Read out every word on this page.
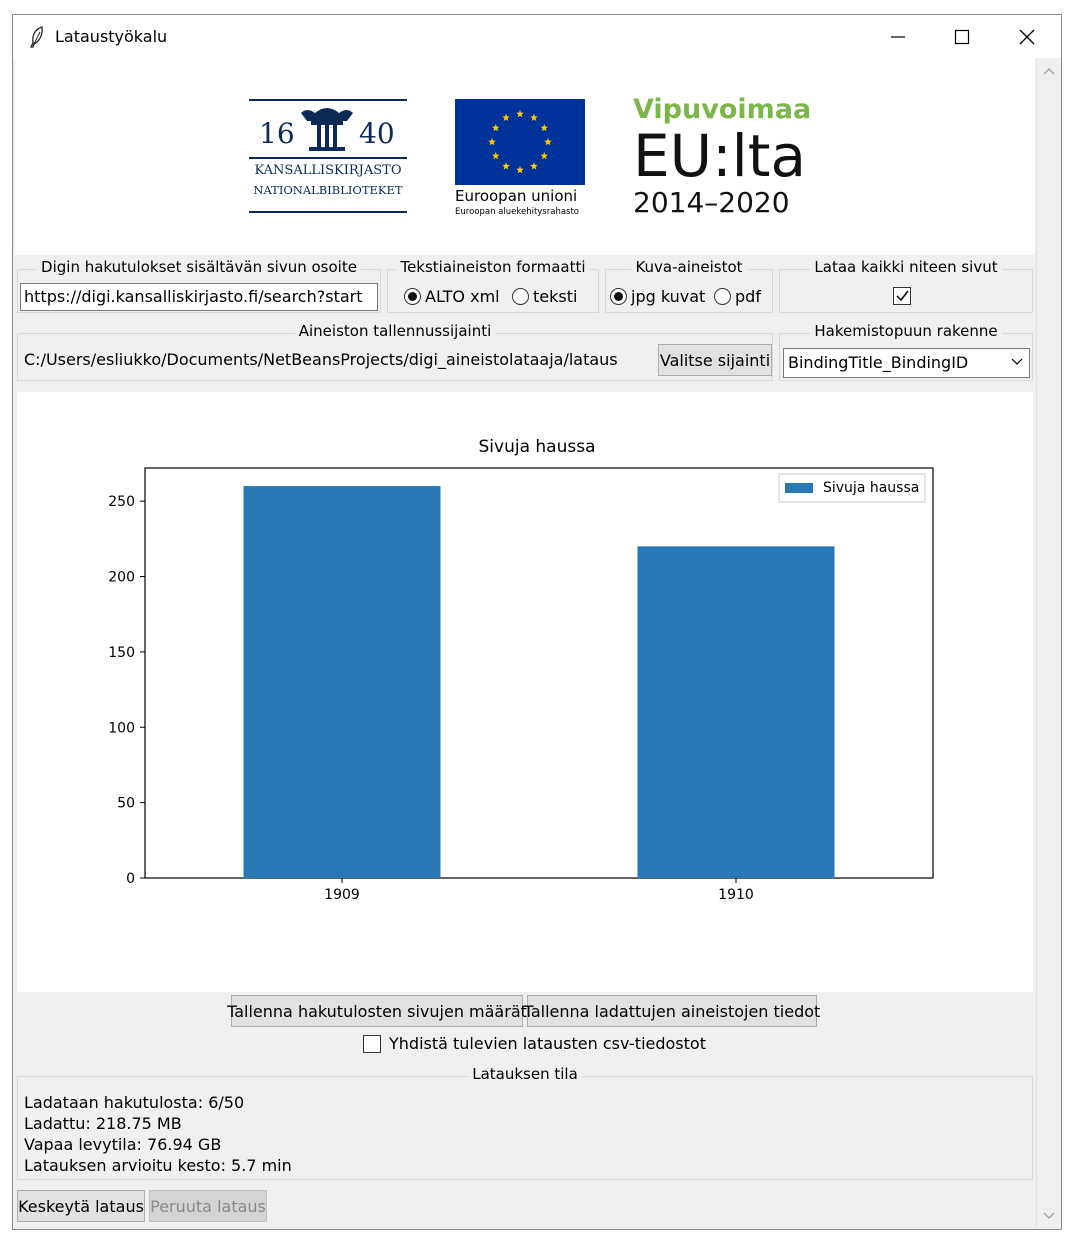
Lataustyökalu
16 40
KANSALLISKIRJASTO
NATIONALBIBLIOTEKET	Euroopan unioni
Euroopan aluekehitysrahasto
Vipuvoimaa
EU:lta
2014–2020
Digin hakutulokset sisältävän sivun osoite
https://digi.kansalliskirjasto.fi/search?start
Tekstiaineiston formaatti
ALTO xml teksti
Kuva-aineistot
jpg kuvat pdf
Lataa kaikki niteen sivut
Aineiston tallennussijainti
C:/Users/esliukko/Documents/NetBeansProjects/digi_aineistolataaja/lataus	Valitse sijainti
Hakemistopuun rakenne
BindingTitle_BindingID
Sivuja haussa
0
50
100
150
200
250
1909	1910
Sivuja haussa
Tallenna hakutulosten sivujen määrät
Tallenna ladattujen aineistojen tiedot
Yhdistä tulevien latausten csv-tiedostot
Latauksen tila
Ladataan hakutulosta: 6/50
Ladattu: 218.75 MB
Vapaa levytila: 76.94 GB
Latauksen arvioitu kesto: 5.7 min
Keskeytä lataus Peruuta lataus
